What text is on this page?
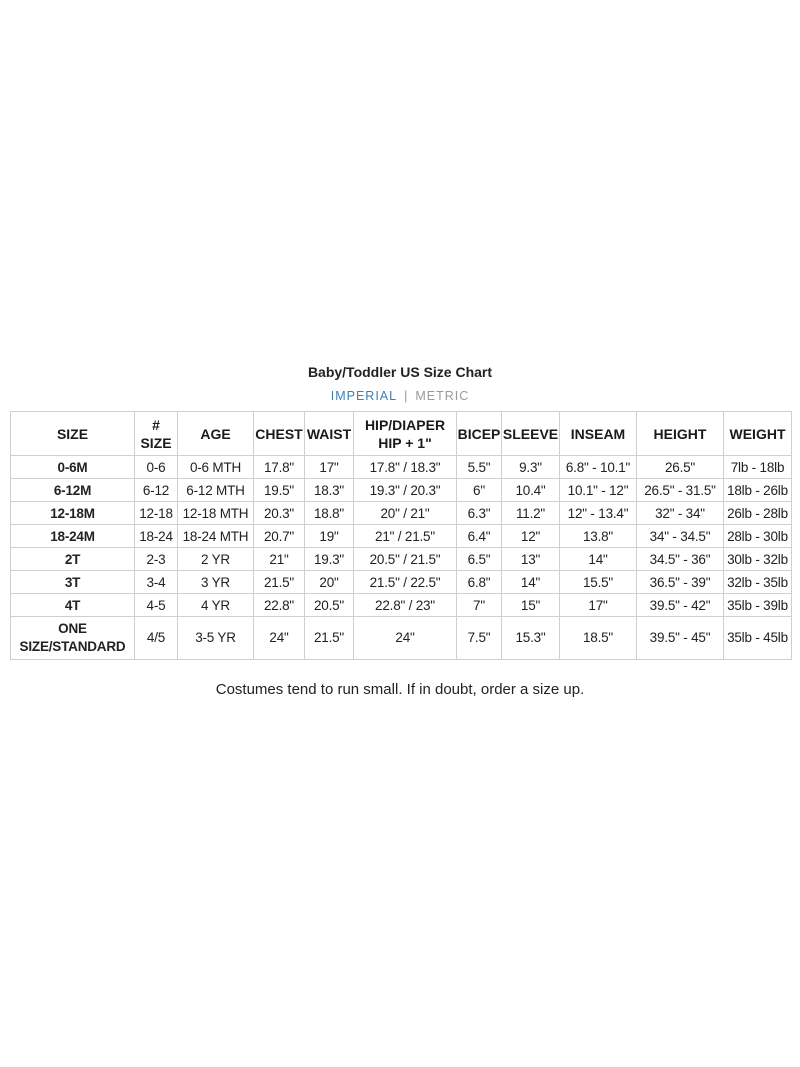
Baby/Toddler US Size Chart
IMPERIAL | METRIC
SIZE	# SIZE	AGE	CHEST	WAIST	HIP/DIAPER HIP + 1"	BICEP	SLEEVE	INSEAM	HEIGHT	WEIGHT
0-6M	0-6	0-6 MTH	17.8"	17"	17.8" / 18.3"	5.5"	9.3"	6.8" - 10.1"	26.5"	7lb - 18lb
6-12M	6-12	6-12 MTH	19.5"	18.3"	19.3" / 20.3"	6"	10.4"	10.1" - 12"	26.5" - 31.5"	18lb - 26lb
12-18M	12-18	12-18 MTH	20.3"	18.8"	20" / 21"	6.3"	11.2"	12" - 13.4"	32" - 34"	26lb - 28lb
18-24M	18-24	18-24 MTH	20.7"	19"	21" / 21.5"	6.4"	12"	13.8"	34" - 34.5"	28lb - 30lb
2T	2-3	2 YR	21"	19.3"	20.5" / 21.5"	6.5"	13"	14"	34.5" - 36"	30lb - 32lb
3T	3-4	3 YR	21.5"	20"	21.5" / 22.5"	6.8"	14"	15.5"	36.5" - 39"	32lb - 35lb
4T	4-5	4 YR	22.8"	20.5"	22.8" / 23"	7"	15"	17"	39.5" - 42"	35lb - 39lb
ONE SIZE/STANDARD	4/5	3-5 YR	24"	21.5"	24"	7.5"	15.3"	18.5"	39.5" - 45"	35lb - 45lb
Costumes tend to run small. If in doubt, order a size up.
